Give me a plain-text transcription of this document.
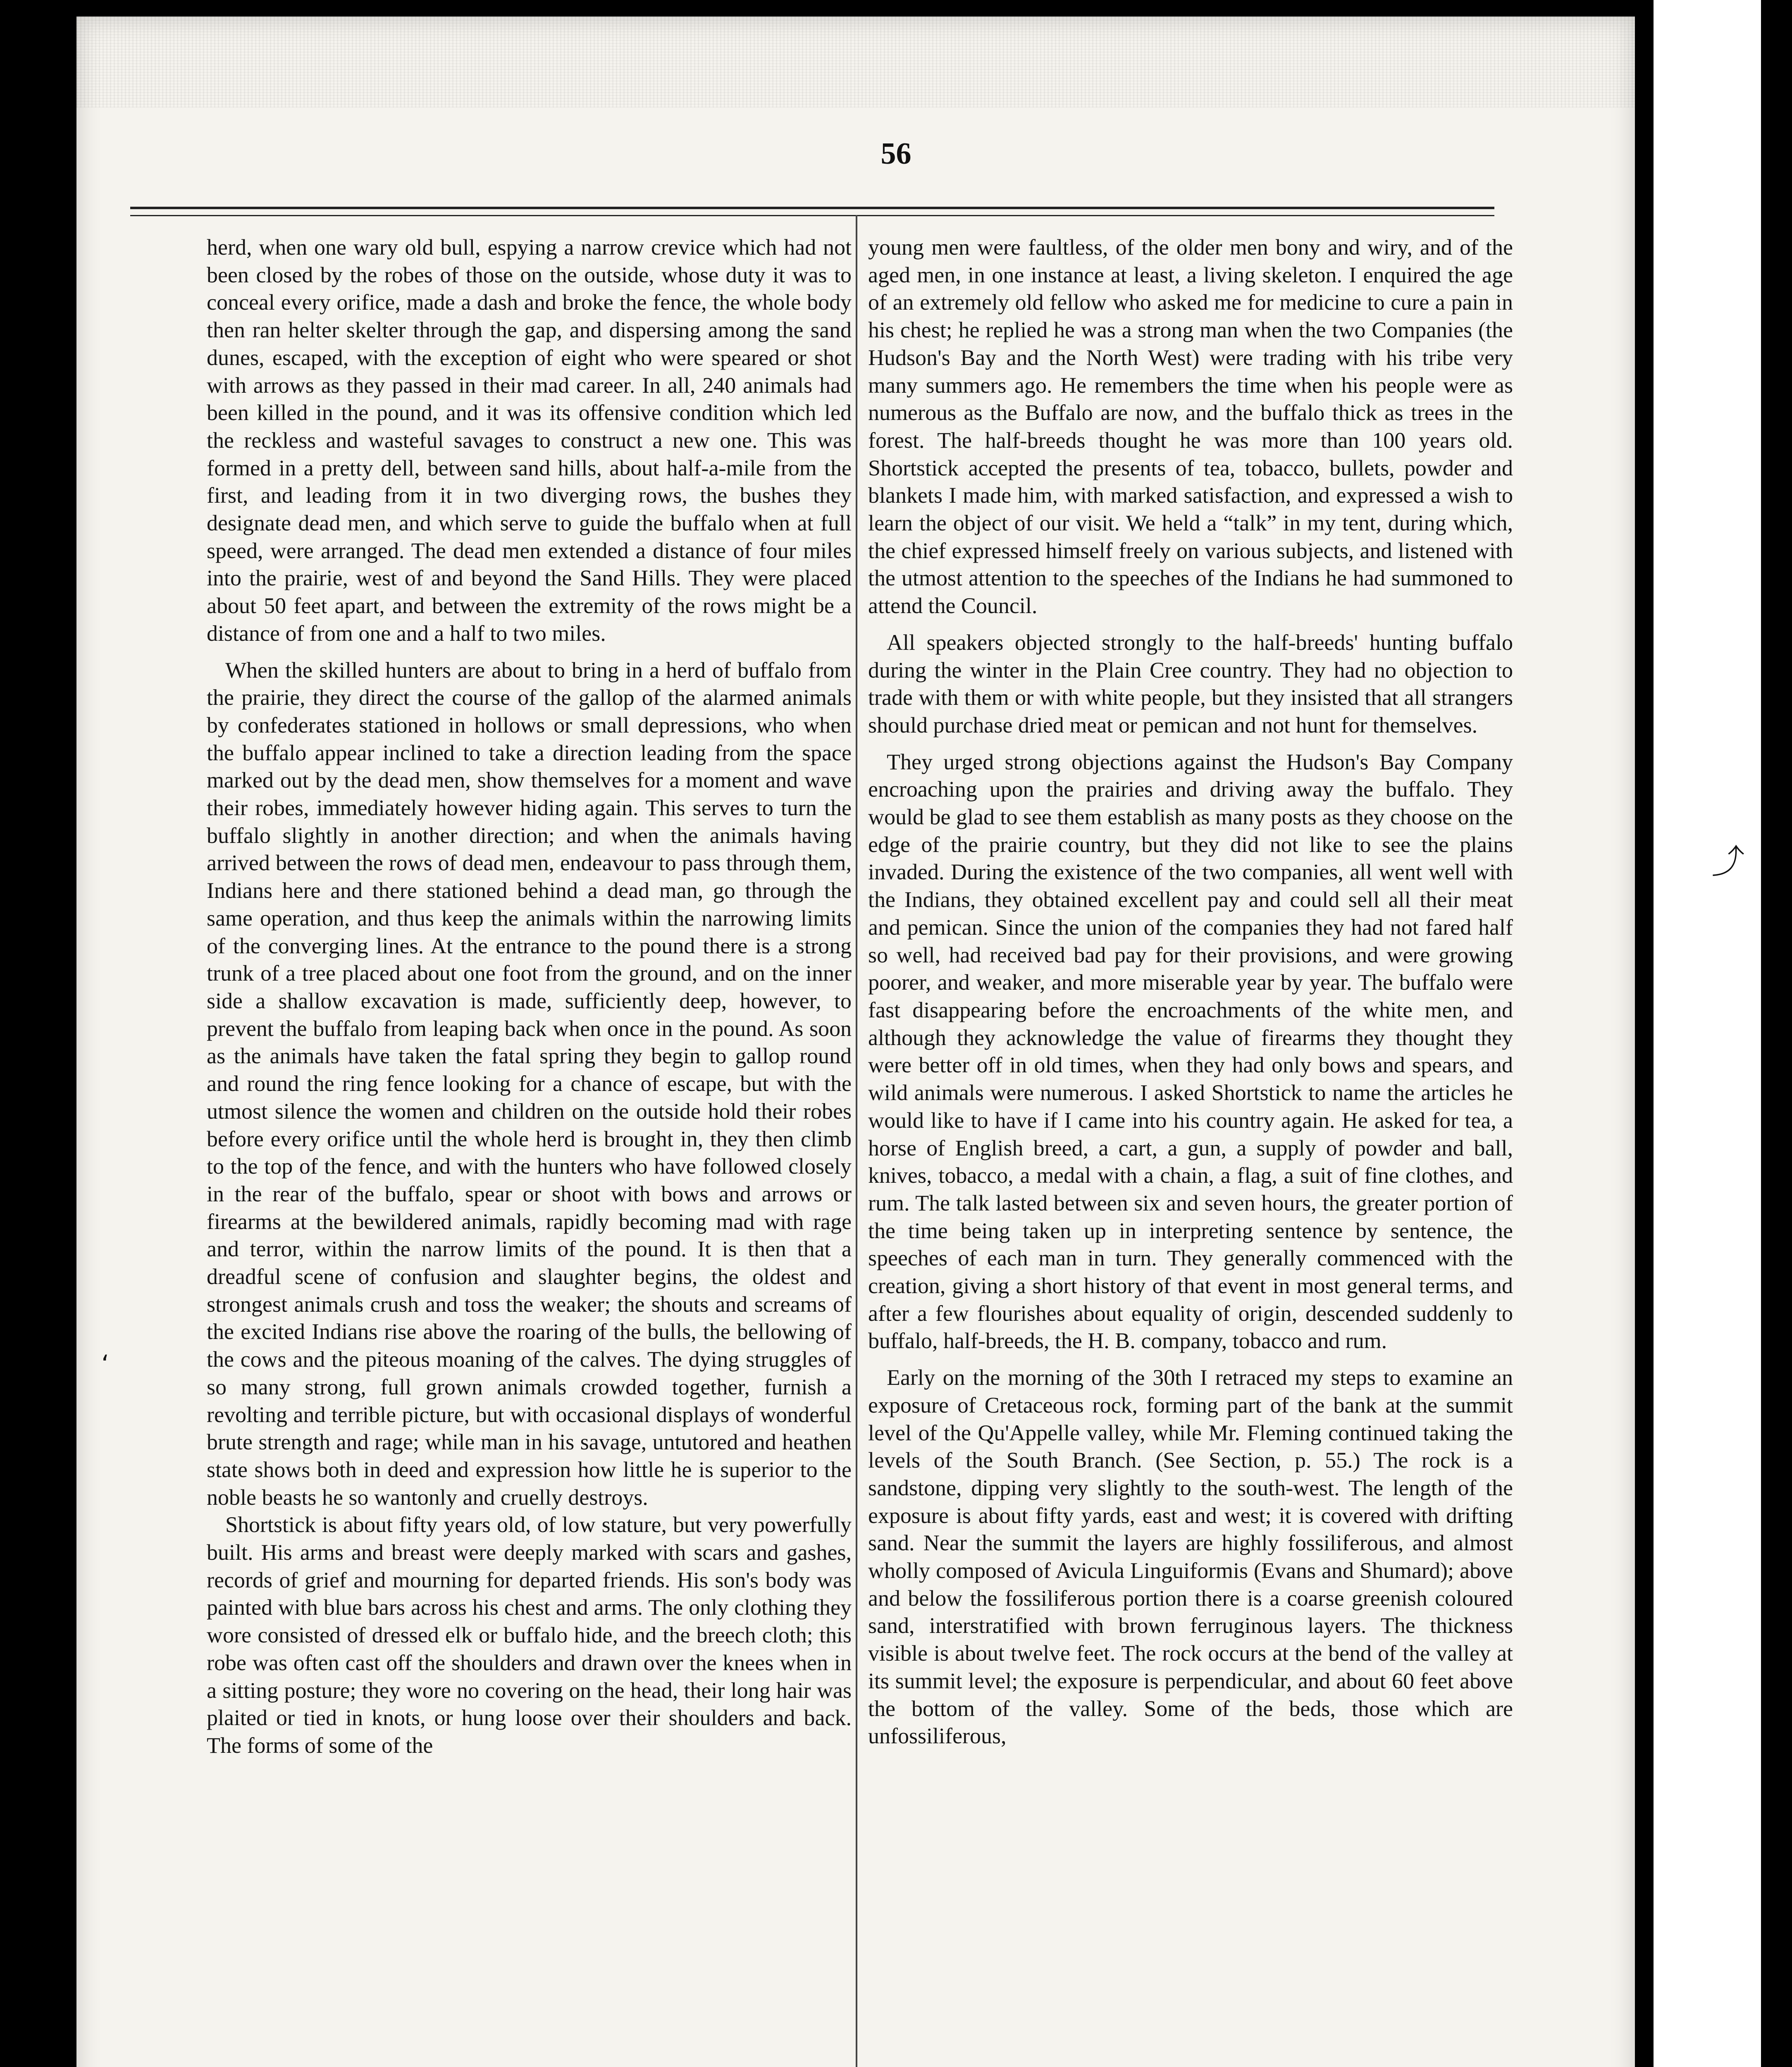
56

herd, when one wary old bull, espying a narrow crevice which had not been closed by the robes of those on the outside, whose duty it was to conceal every orifice, made a dash and broke the fence, the whole body then ran helter skelter through the gap, and dispersing among the sand dunes, escaped, with the exception of eight who were speared or shot with arrows as they passed in their mad career. In all, 240 animals had been killed in the pound, and it was its offensive condition which led the reckless and wasteful savages to construct a new one. This was formed in a pretty dell, between sand hills, about half-a-mile from the first, and leading from it in two diverging rows, the bushes they designate dead men, and which serve to guide the buffalo when at full speed, were arranged. The dead men extended a distance of four miles into the prairie, west of and beyond the Sand Hills. They were placed about 50 feet apart, and between the extremity of the rows might be a distance of from one and a half to two miles.

When the skilled hunters are about to bring in a herd of buffalo from the prairie, they direct the course of the gallop of the alarmed animals by confederates stationed in hollows or small depressions, who when the buffalo appear inclined to take a direction leading from the space marked out by the dead men, show themselves for a moment and wave their robes, immediately however hiding again. This serves to turn the buffalo slightly in another direction; and when the animals having arrived between the rows of dead men, endeavour to pass through them, Indians here and there stationed behind a dead man, go through the same operation, and thus keep the animals within the narrowing limits of the converging lines. At the entrance to the pound there is a strong trunk of a tree placed about one foot from the ground, and on the inner side a shallow excavation is made, sufficiently deep, however, to prevent the buffalo from leaping back when once in the pound. As soon as the animals have taken the fatal spring they begin to gallop round and round the ring fence looking for a chance of escape, but with the utmost silence the women and children on the outside hold their robes before every orifice until the whole herd is brought in, they then climb to the top of the fence, and with the hunters who have followed closely in the rear of the buffalo, spear or shoot with bows and arrows or firearms at the bewildered animals, rapidly becoming mad with rage and terror, within the narrow limits of the pound. It is then that a dreadful scene of confusion and slaughter begins, the oldest and strongest animals crush and toss the weaker; the shouts and screams of the excited Indians rise above the roaring of the bulls, the bellowing of the cows and the piteous moaning of the calves. The dying struggles of so many strong, full grown animals crowded together, furnish a revolting and terrible picture, but with occasional displays of wonderful brute strength and rage; while man in his savage, untutored and heathen state shows both in deed and expression how little he is superior to the noble beasts he so wantonly and cruelly destroys.

Shortstick is about fifty years old, of low stature, but very powerfully built. His arms and breast were deeply marked with scars and gashes, records of grief and mourning for departed friends. His son's body was painted with blue bars across his chest and arms. The only clothing they wore consisted of dressed elk or buffalo hide, and the breech cloth; this robe was often cast off the shoulders and drawn over the knees when in a sitting posture; they wore no covering on the head, their long hair was plaited or tied in knots, or hung loose over their shoulders and back. The forms of some of the

young men were faultless, of the older men bony and wiry, and of the aged men, in one instance at least, a living skeleton. I enquired the age of an extremely old fellow who asked me for medicine to cure a pain in his chest; he replied he was a strong man when the two Companies (the Hudson's Bay and the North West) were trading with his tribe very many summers ago. He remembers the time when his people were as numerous as the Buffalo are now, and the buffalo thick as trees in the forest. The half-breeds thought he was more than 100 years old. Shortstick accepted the presents of tea, tobacco, bullets, powder and blankets I made him, with marked satisfaction, and expressed a wish to learn the object of our visit. We held a “talk” in my tent, during which, the chief expressed himself freely on various subjects, and listened with the utmost attention to the speeches of the Indians he had summoned to attend the Council.

All speakers objected strongly to the half-breeds' hunting buffalo during the winter in the Plain Cree country. They had no objection to trade with them or with white people, but they insisted that all strangers should purchase dried meat or pemican and not hunt for themselves.

They urged strong objections against the Hudson's Bay Company encroaching upon the prairies and driving away the buffalo. They would be glad to see them establish as many posts as they choose on the edge of the prairie country, but they did not like to see the plains invaded. During the existence of the two companies, all went well with the Indians, they obtained excellent pay and could sell all their meat and pemican. Since the union of the companies they had not fared half so well, had received bad pay for their provisions, and were growing poorer, and weaker, and more miserable year by year. The buffalo were fast disappearing before the encroachments of the white men, and although they acknowledge the value of firearms they thought they were better off in old times, when they had only bows and spears, and wild animals were numerous. I asked Shortstick to name the articles he would like to have if I came into his country again. He asked for tea, a horse of English breed, a cart, a gun, a supply of powder and ball, knives, tobacco, a medal with a chain, a flag, a suit of fine clothes, and rum. The talk lasted between six and seven hours, the greater portion of the time being taken up in interpreting sentence by sentence, the speeches of each man in turn. They generally commenced with the creation, giving a short history of that event in most general terms, and after a few flourishes about equality of origin, descended suddenly to buffalo, half-breeds, the H. B. company, tobacco and rum.

Early on the morning of the 30th I retraced my steps to examine an exposure of Cretaceous rock, forming part of the bank at the summit level of the Qu'Appelle valley, while Mr. Fleming continued taking the levels of the South Branch. (See Section, p. 55.) The rock is a sandstone, dipping very slightly to the south-west. The length of the exposure is about fifty yards, east and west; it is covered with drifting sand. Near the summit the layers are highly fossiliferous, and almost wholly composed of Avicula Linguiformis (Evans and Shumard); above and below the fossiliferous portion there is a coarse greenish coloured sand, interstratified with brown ferruginous layers. The thickness visible is about twelve feet. The rock occurs at the bend of the valley at its summit level; the exposure is perpendicular, and about 60 feet above the bottom of the valley. Some of the beds, those which are unfossiliferous,

⤴
‘
